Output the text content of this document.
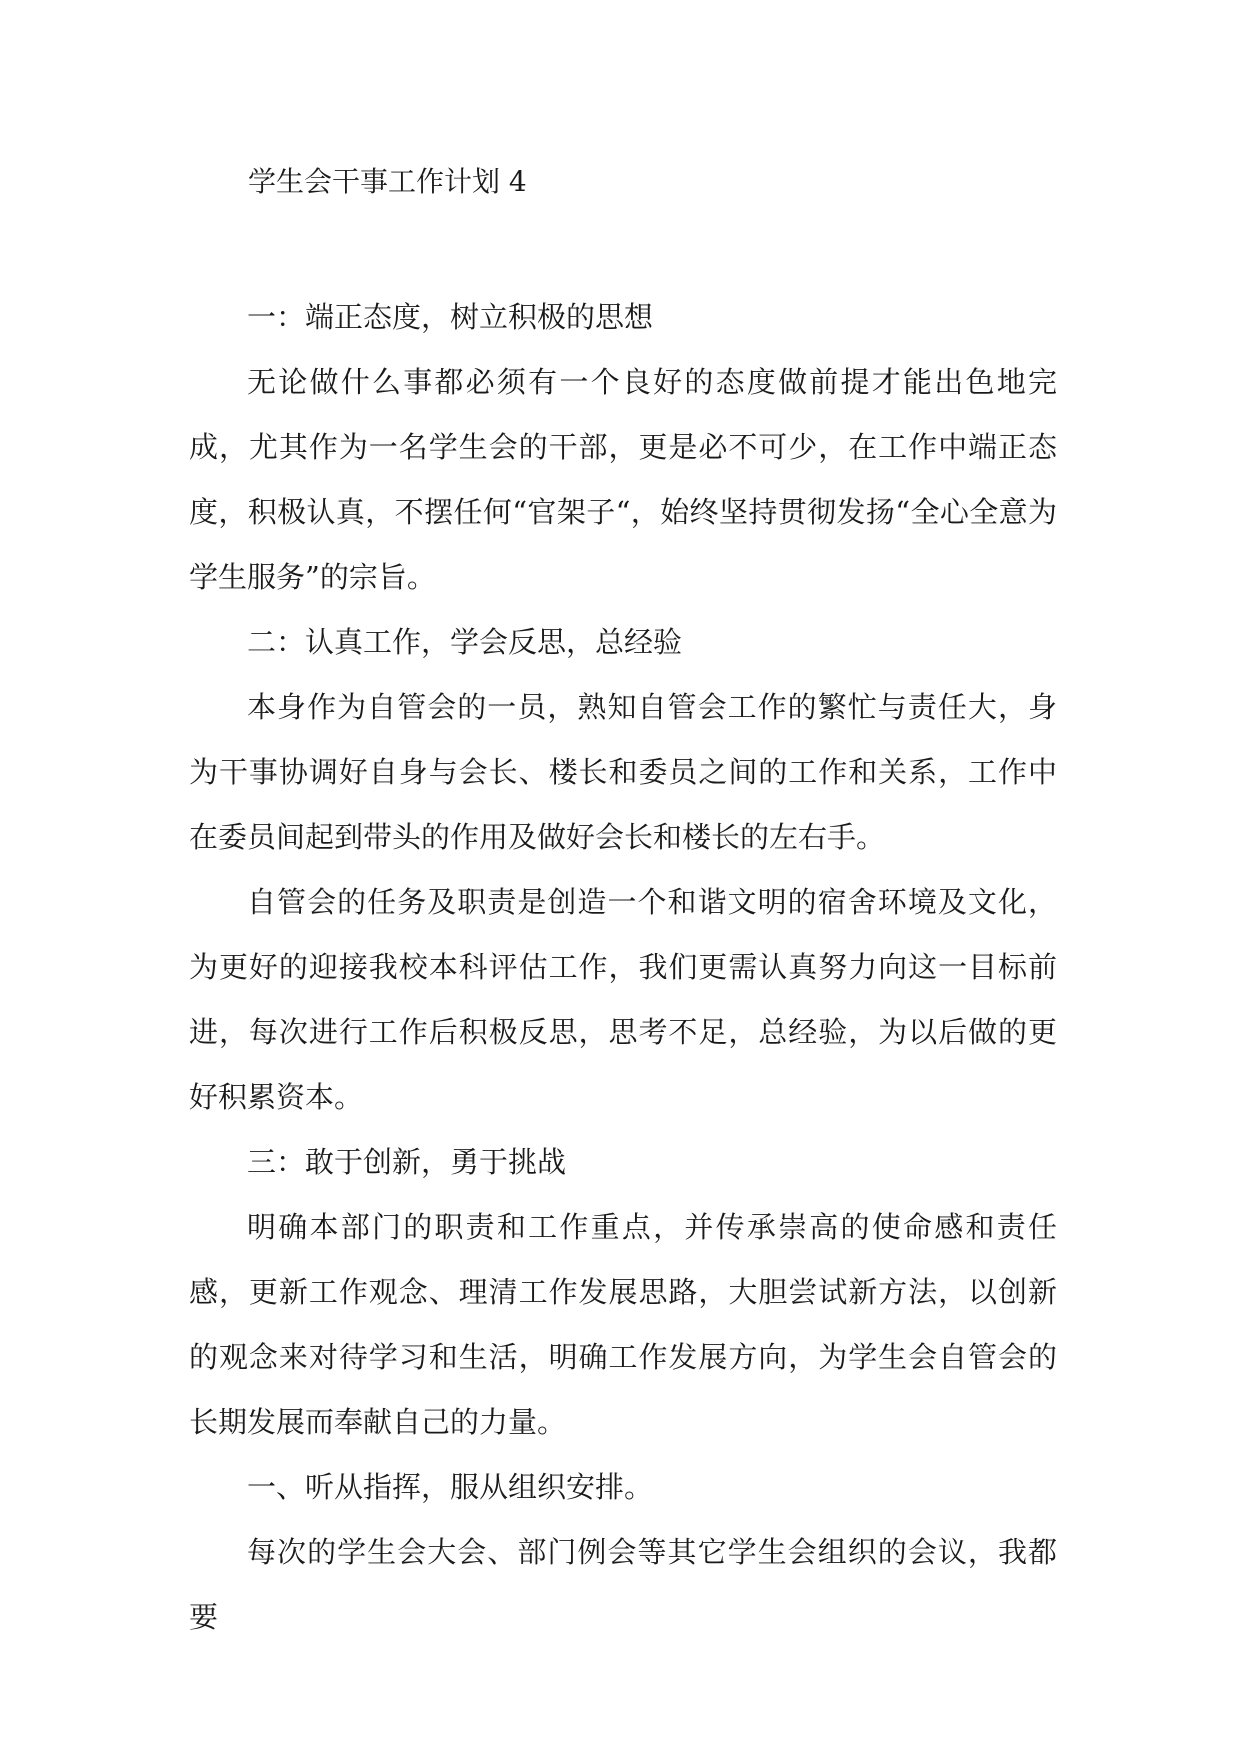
学生会干事工作计划 4

一：端正态度，树立积极的思想

无论做什么事都必须有一个良好的态度做前提才能出色地完成，尤其作为一名学生会的干部，更是必不可少，在工作中端正态度，积极认真，不摆任何“官架子“，始终坚持贯彻发扬“全心全意为学生服务”的宗旨。

二：认真工作，学会反思，总经验

本身作为自管会的一员，熟知自管会工作的繁忙与责任大，身为干事协调好自身与会长、楼长和委员之间的工作和关系，工作中在委员间起到带头的作用及做好会长和楼长的左右手。

自管会的任务及职责是创造一个和谐文明的宿舍环境及文化，为更好的迎接我校本科评估工作，我们更需认真努力向这一目标前进，每次进行工作后积极反思，思考不足，总经验，为以后做的更好积累资本。

三：敢于创新，勇于挑战

明确本部门的职责和工作重点，并传承崇高的使命感和责任感，更新工作观念、理清工作发展思路，大胆尝试新方法，以创新的观念来对待学习和生活，明确工作发展方向，为学生会自管会的长期发展而奉献自己的力量。

一、听从指挥，服从组织安排。

每次的学生会大会、部门例会等其它学生会组织的会议，我都要
